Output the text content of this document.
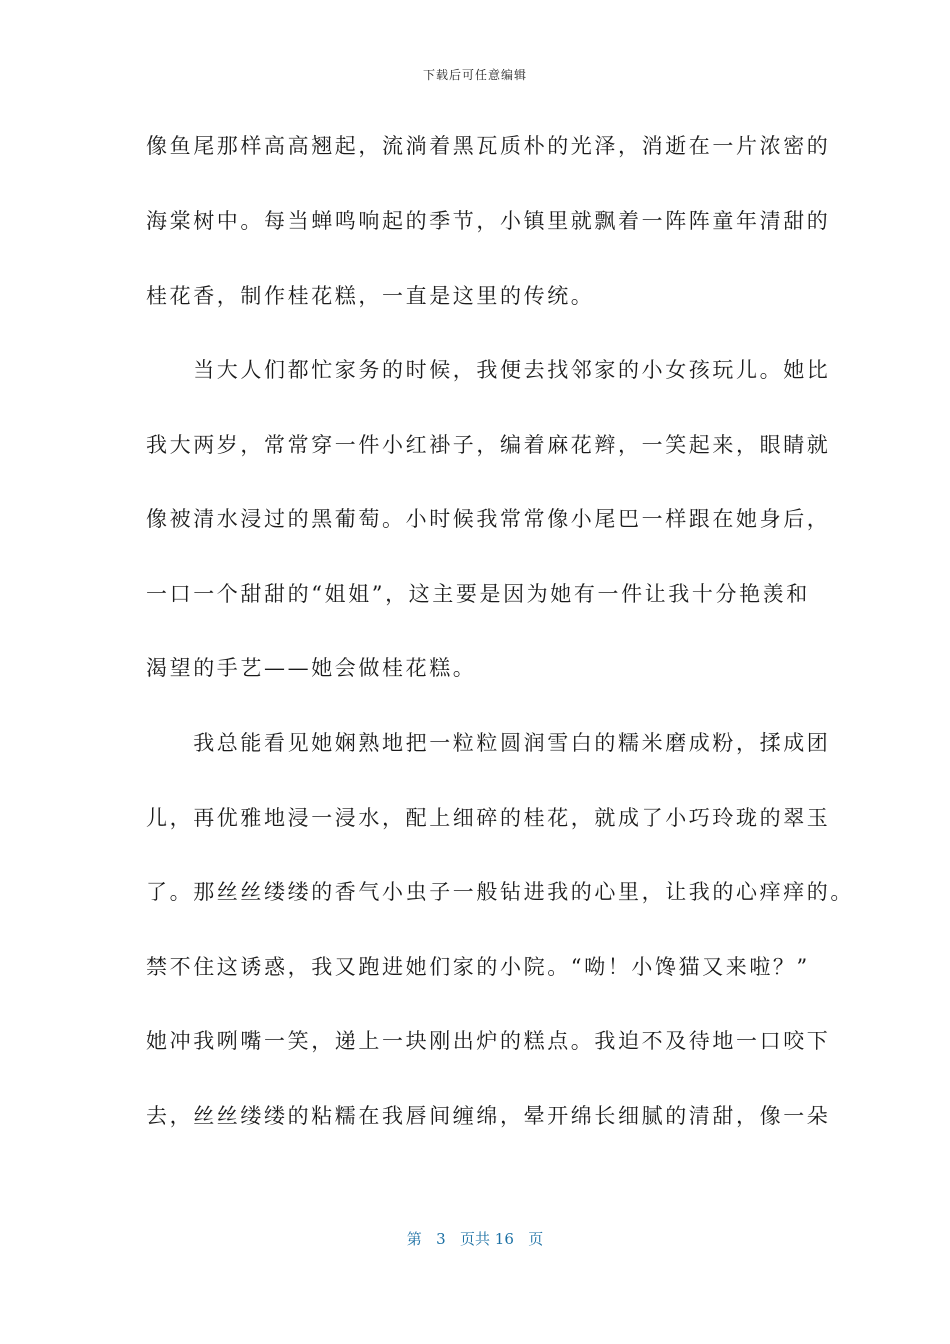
下载后可任意编辑
像鱼尾那样高高翘起，流淌着黑瓦质朴的光泽，消逝在一片浓密的
海棠树中。每当蝉鸣响起的季节，小镇里就飘着一阵阵童年清甜的
桂花香，制作桂花糕，一直是这里的传统。
　　当大人们都忙家务的时候，我便去找邻家的小女孩玩儿。她比
我大两岁，常常穿一件小红褂子，编着麻花辫，一笑起来，眼睛就
像被清水浸过的黑葡萄。小时候我常常像小尾巴一样跟在她身后，
一口一个甜甜的“姐姐”，这主要是因为她有一件让我十分艳羡和
渴望的手艺——她会做桂花糕。
　　我总能看见她娴熟地把一粒粒圆润雪白的糯米磨成粉，揉成团
儿，再优雅地浸一浸水，配上细碎的桂花，就成了小巧玲珑的翠玉
了。那丝丝缕缕的香气小虫子一般钻进我的心里，让我的心痒痒的。
禁不住这诱惑，我又跑进她们家的小院。“呦！小馋猫又来啦？”
她冲我咧嘴一笑，递上一块刚出炉的糕点。我迫不及待地一口咬下
去，丝丝缕缕的粘糯在我唇间缠绵，晕开绵长细腻的清甜，像一朵
第 3 页共 16 页
